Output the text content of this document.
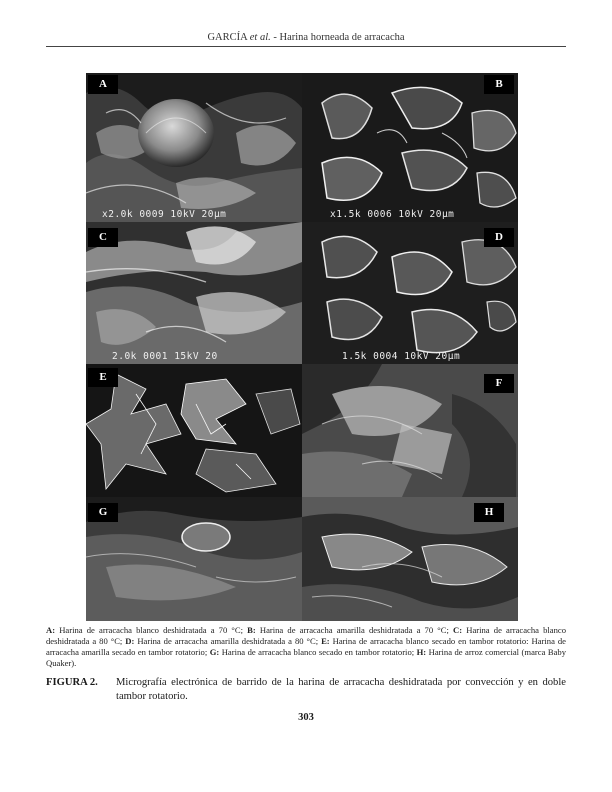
GARCÍA et al. - Harina horneada de arracacha
A
x2.0k 0009 10kV 20µm
B
x1.5k 0006 10kV 20µm
C
2.0k 0001 15kV 20
D
1.5k 0004 10kV 20µm
E	F
G	H
A: Harina de arracacha blanco deshidratada a 70 °C; B: Harina de arracacha amarilla deshidratada a 70 °C; C: Harina de arracacha blanco deshidratada a 80 °C; D: Harina de arracacha amarilla deshidratada a 80 °C; E: Harina de arracacha blanco secado en tambor rotatorio: Harina de arracacha amarilla secado en tambor rotatorio; G: Harina de arracacha blanco secado en tambor rotatorio; H: Harina de arroz comercial (marca Baby Quaker).
FIGURA 2. Micrografía electrónica de barrido de la harina de arracacha deshidratada por convección y en doble tambor rotatorio.
303
